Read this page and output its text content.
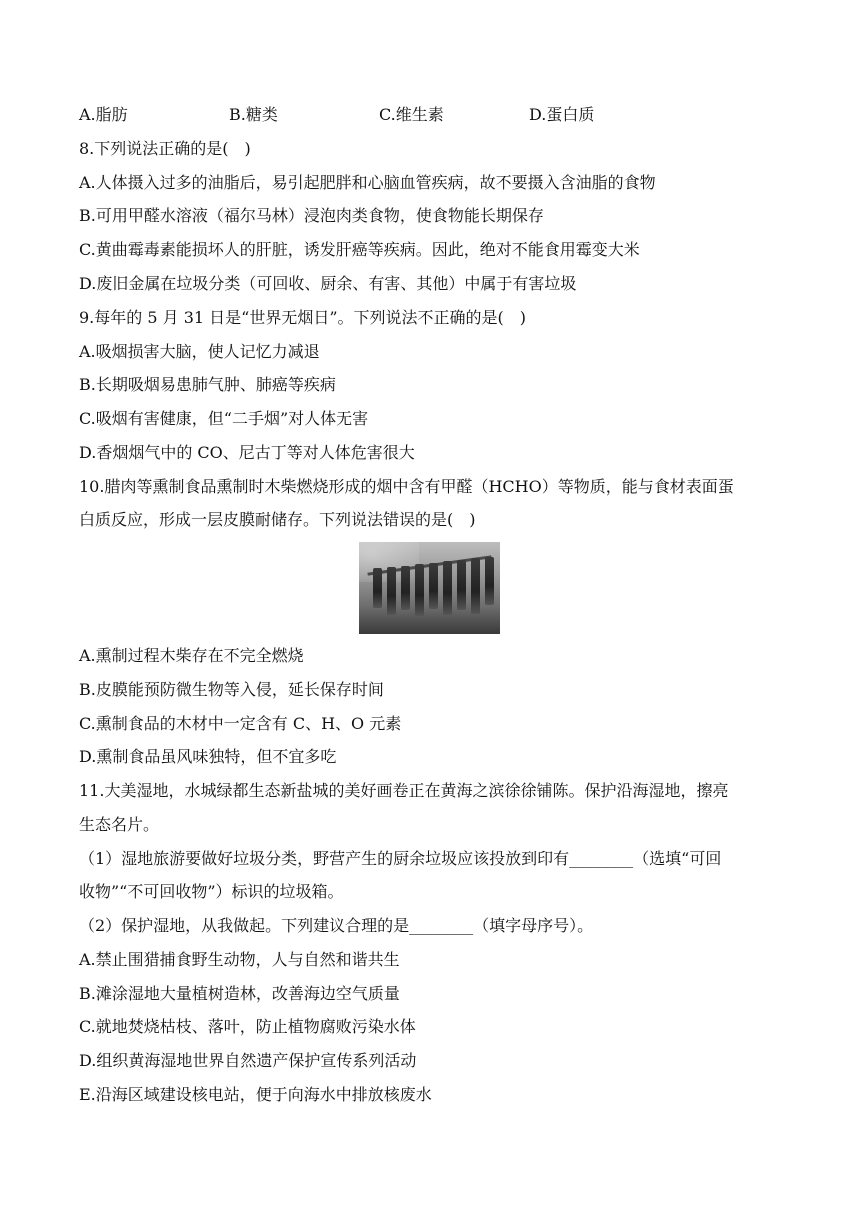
A.脂肪	B.糖类	C.维生素	D.蛋白质
8.下列说法正确的是(　)
A.人体摄入过多的油脂后，易引起肥胖和心脑血管疾病，故不要摄入含油脂的食物
B.可用甲醛水溶液（福尔马林）浸泡肉类食物，使食物能长期保存
C.黄曲霉毒素能损坏人的肝脏，诱发肝癌等疾病。因此，绝对不能食用霉变大米
D.废旧金属在垃圾分类（可回收、厨余、有害、其他）中属于有害垃圾
9.每年的 5 月 31 日是“世界无烟日”。下列说法不正确的是(　)
A.吸烟损害大脑，使人记忆力减退
B.长期吸烟易患肺气肿、肺癌等疾病
C.吸烟有害健康，但“二手烟”对人体无害
D.香烟烟气中的 CO、尼古丁等对人体危害很大
10.腊肉等熏制食品熏制时木柴燃烧形成的烟中含有甲醛（HCHO）等物质，能与食材表面蛋
白质反应，形成一层皮膜耐储存。下列说法错误的是(　)
A.熏制过程木柴存在不完全燃烧
B.皮膜能预防微生物等入侵，延长保存时间
C.熏制食品的木材中一定含有 C、H、O 元素
D.熏制食品虽风味独特，但不宜多吃
11.大美湿地，水城绿都生态新盐城的美好画卷正在黄海之滨徐徐铺陈。保护沿海湿地，擦亮
生态名片。
（1）湿地旅游要做好垃圾分类，野营产生的厨余垃圾应该投放到印有________（选填“可回
收物”“不可回收物”）标识的垃圾箱。
（2）保护湿地，从我做起。下列建议合理的是________（填字母序号）。
A.禁止围猎捕食野生动物，人与自然和谐共生
B.滩涂湿地大量植树造林，改善海边空气质量
C.就地焚烧枯枝、落叶，防止植物腐败污染水体
D.组织黄海湿地世界自然遗产保护宣传系列活动
E.沿海区域建设核电站，便于向海水中排放核废水
